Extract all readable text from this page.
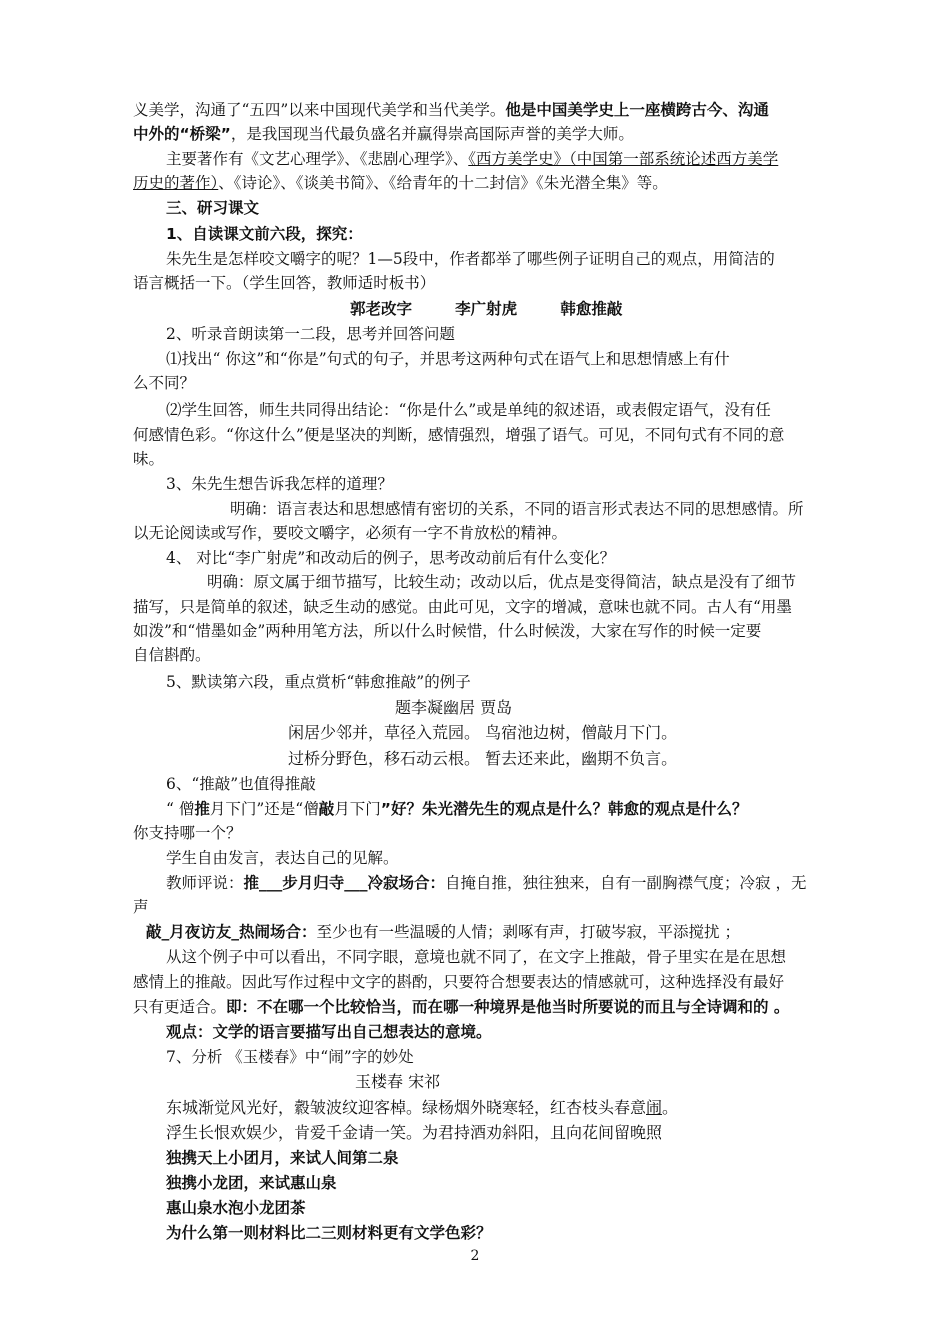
义美学，沟通了“五四”以来中国现代美学和当代美学。他是中国美学史上一座横跨古今、沟通
中外的“桥梁”，是我国现当代最负盛名并赢得崇高国际声誉的美学大师。
主要著作有《文艺心理学》、《悲剧心理学》、《西方美学史》（中国第一部系统论述西方美学
历史的著作）、《诗论》、《谈美书简》、《给青年的十二封信》《朱光潜全集》等。
三、研习课文
1、自读课文前六段，探究：
朱先生是怎样咬文嚼字的呢？1—5段中，作者都举了哪些例子证明自己的观点，用简洁的
语言概括一下。（学生回答，教师适时板书）
郭老改字        李广射虎        韩愈推敲
2、听录音朗读第一二段，思考并回答问题
⑴找出“ 你这”和“你是”句式的句子，并思考这两种句式在语气上和思想情感上有什
么不同？
⑵学生回答，师生共同得出结论：“你是什么”或是单纯的叙述语，或表假定语气，没有任
何感情色彩。“你这什么”便是坚决的判断，感情强烈，增强了语气。可见，不同句式有不同的意
味。
3、朱先生想告诉我怎样的道理？
明确：语言表达和思想感情有密切的关系，不同的语言形式表达不同的思想感情。所
以无论阅读或写作，要咬文嚼字，必须有一字不肯放松的精神。
4、 对比“李广射虎”和改动后的例子，思考改动前后有什么变化？
明确：原文属于细节描写，比较生动；改动以后，优点是变得简洁，缺点是没有了细节
描写，只是简单的叙述，缺乏生动的感觉。由此可见，文字的增减，意味也就不同。古人有“用墨
如泼”和“惜墨如金”两种用笔方法，所以什么时候惜，什么时候泼，大家在写作的时候一定要
自信斟酌。
5、默读第六段，重点赏析“韩愈推敲”的例子
题李凝幽居 贾岛
闲居少邻并，草径入荒园。 鸟宿池边树，僧敲月下门。
过桥分野色，移石动云根。 暂去还来此，幽期不负言。
6、“推敲”也值得推敲
“ 僧推月下门”还是“僧敲月下门”好？朱光潜先生的观点是什么？韩愈的观点是什么？
你支持哪一个？
学生自由发言，表达自己的见解。
教师评说：推___步月归寺___冷寂场合：自掩自推，独往独来，自有一副胸襟气度；冷寂 ，无
声
敲_月夜访友_热闹场合：至少也有一些温暖的人情；剥啄有声，打破岑寂，平添搅扰 ；
从这个例子中可以看出，不同字眼，意境也就不同了，在文字上推敲，骨子里实在是在思想
感情上的推敲。因此写作过程中文字的斟酌，只要符合想要表达的情感就可，这种选择没有最好
只有更适合。即：不在哪一个比较恰当，而在哪一种境界是他当时所要说的而且与全诗调和的 。
观点：文学的语言要描写出自己想表达的意境。
7、分析 《玉楼春》中“闹”字的妙处
玉楼春 宋祁
东城渐觉风光好，縠皱波纹迎客棹。绿杨烟外晓寒轻，红杏枝头春意闹。
浮生长恨欢娱少，肯爱千金请一笑。为君持酒劝斜阳，且向花间留晚照
独携天上小团月，来试人间第二泉
独携小龙团，来试惠山泉
惠山泉水泡小龙团茶
为什么第一则材料比二三则材料更有文学色彩？
2
